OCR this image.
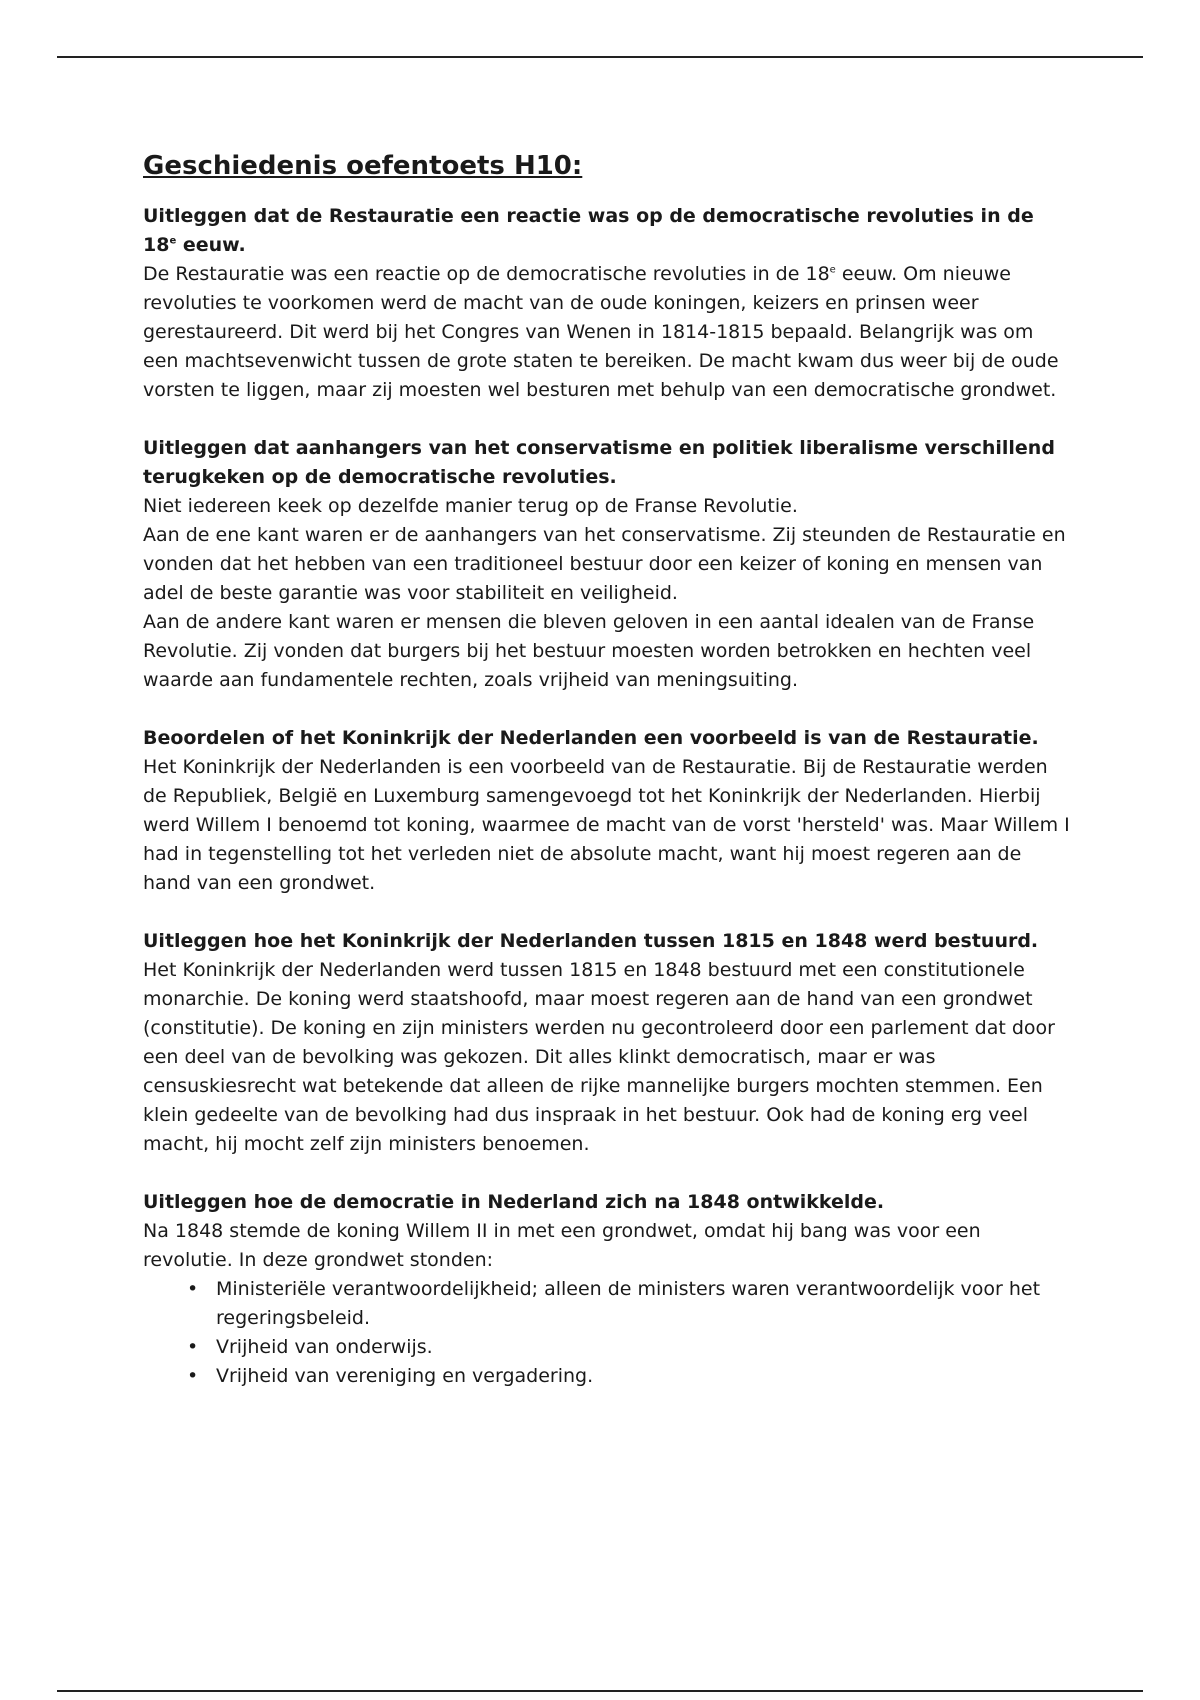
Geschiedenis oefentoets H10:

Uitleggen dat de Restauratie een reactie was op de democratische revoluties in de 18e eeuw.

De Restauratie was een reactie op de democratische revoluties in de 18e eeuw. Om nieuwe revoluties te voorkomen werd de macht van de oude koningen, keizers en prinsen weer gerestaureerd. Dit werd bij het Congres van Wenen in 1814-1815 bepaald. Belangrijk was om een machtsevenwicht tussen de grote staten te bereiken. De macht kwam dus weer bij de oude vorsten te liggen, maar zij moesten wel besturen met behulp van een democratische grondwet.

Uitleggen dat aanhangers van het conservatisme en politiek liberalisme verschillend terugkeken op de democratische revoluties.

Niet iedereen keek op dezelfde manier terug op de Franse Revolutie.

Aan de ene kant waren er de aanhangers van het conservatisme. Zij steunden de Restauratie en vonden dat het hebben van een traditioneel bestuur door een keizer of koning en mensen van adel de beste garantie was voor stabiliteit en veiligheid.

Aan de andere kant waren er mensen die bleven geloven in een aantal idealen van de Franse Revolutie. Zij vonden dat burgers bij het bestuur moesten worden betrokken en hechten veel waarde aan fundamentele rechten, zoals vrijheid van meningsuiting.

Beoordelen of het Koninkrijk der Nederlanden een voorbeeld is van de Restauratie.

Het Koninkrijk der Nederlanden is een voorbeeld van de Restauratie. Bij de Restauratie werden de Republiek, België en Luxemburg samengevoegd tot het Koninkrijk der Nederlanden. Hierbij werd Willem I benoemd tot koning, waarmee de macht van de vorst 'hersteld' was. Maar Willem I had in tegenstelling tot het verleden niet de absolute macht, want hij moest regeren aan de hand van een grondwet.

Uitleggen hoe het Koninkrijk der Nederlanden tussen 1815 en 1848 werd bestuurd.

Het Koninkrijk der Nederlanden werd tussen 1815 en 1848 bestuurd met een constitutionele monarchie. De koning werd staatshoofd, maar moest regeren aan de hand van een grondwet (constitutie). De koning en zijn ministers werden nu gecontroleerd door een parlement dat door een deel van de bevolking was gekozen. Dit alles klinkt democratisch, maar er was censuskiesrecht wat betekende dat alleen de rijke mannelijke burgers mochten stemmen. Een klein gedeelte van de bevolking had dus inspraak in het bestuur. Ook had de koning erg veel macht, hij mocht zelf zijn ministers benoemen.

Uitleggen hoe de democratie in Nederland zich na 1848 ontwikkelde.

Na 1848 stemde de koning Willem II in met een grondwet, omdat hij bang was voor een revolutie. In deze grondwet stonden:

• Ministeriële verantwoordelijkheid; alleen de ministers waren verantwoordelijk voor het regeringsbeleid.
• Vrijheid van onderwijs.
• Vrijheid van vereniging en vergadering.
